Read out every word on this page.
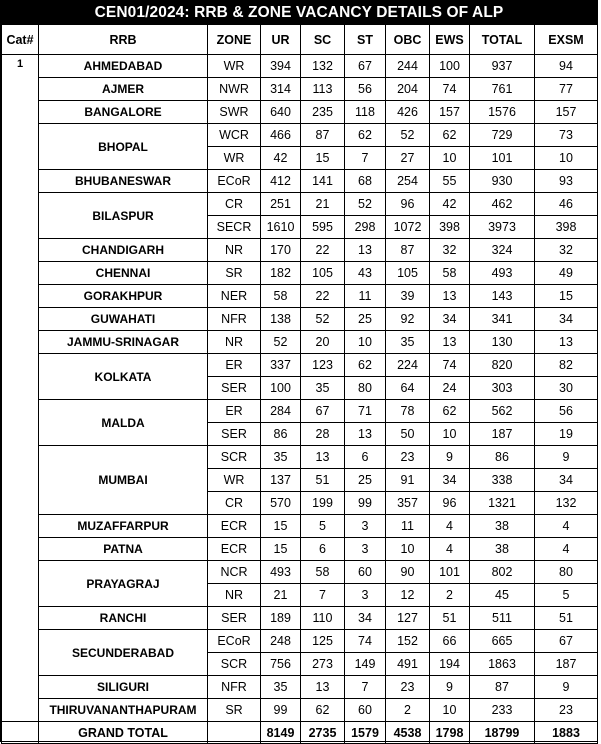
CEN01/2024: RRB & ZONE VACANCY DETAILS OF ALP
Cat#	RRB	ZONE	UR	SC	ST	OBC	EWS	TOTAL	EXSM
1	AHMEDABAD	WR	394	132	67	244	100	937	94
	AJMER	NWR	314	113	56	204	74	761	77
	BANGALORE	SWR	640	235	118	426	157	1576	157
	BHOPAL	WCR	466	87	62	52	62	729	73
		WR	42	15	7	27	10	101	10
	BHUBANESWAR	ECoR	412	141	68	254	55	930	93
	BILASPUR	CR	251	21	52	96	42	462	46
		SECR	1610	595	298	1072	398	3973	398
	CHANDIGARH	NR	170	22	13	87	32	324	32
	CHENNAI	SR	182	105	43	105	58	493	49
	GORAKHPUR	NER	58	22	11	39	13	143	15
	GUWAHATI	NFR	138	52	25	92	34	341	34
	JAMMU-SRINAGAR	NR	52	20	10	35	13	130	13
	KOLKATA	ER	337	123	62	224	74	820	82
		SER	100	35	80	64	24	303	30
	MALDA	ER	284	67	71	78	62	562	56
		SER	86	28	13	50	10	187	19
	MUMBAI	SCR	35	13	6	23	9	86	9
		WR	137	51	25	91	34	338	34
		CR	570	199	99	357	96	1321	132
	MUZAFFARPUR	ECR	15	5	3	11	4	38	4
	PATNA	ECR	15	6	3	10	4	38	4
	PRAYAGRAJ	NCR	493	58	60	90	101	802	80
		NR	21	7	3	12	2	45	5
	RANCHI	SER	189	110	34	127	51	511	51
	SECUNDERABAD	ECoR	248	125	74	152	66	665	67
		SCR	756	273	149	491	194	1863	187
	SILIGURI	NFR	35	13	7	23	9	87	9
	THIRUVANANTHAPURAM	SR	99	62	60	2	10	233	23
	GRAND TOTAL		8149	2735	1579	4538	1798	18799	1883
